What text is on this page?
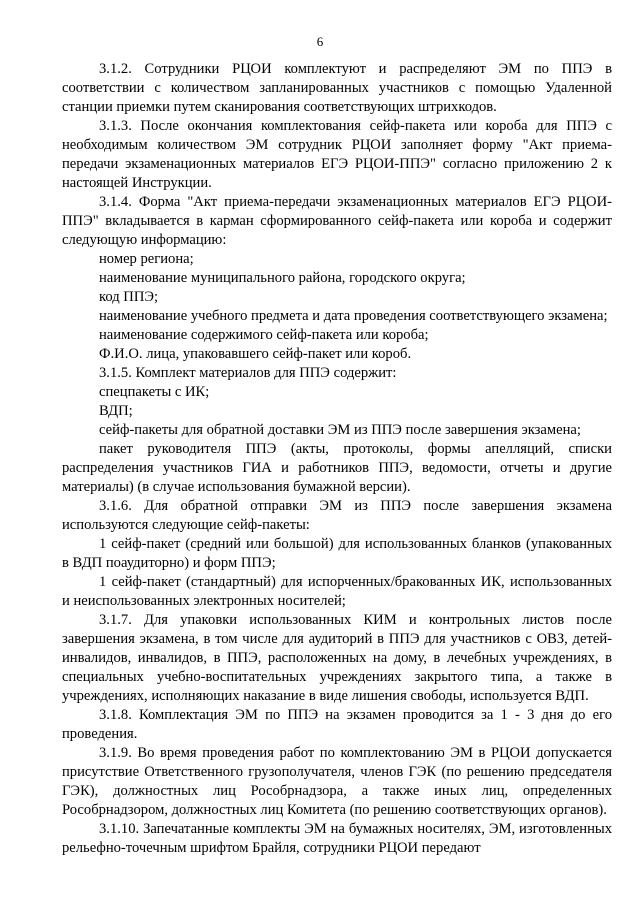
6

3.1.2. Сотрудники РЦОИ комплектуют и распределяют ЭМ по ППЭ в соответствии с количеством запланированных участников с помощью Удаленной станции приемки путем сканирования соответствующих штрихкодов.

3.1.3. После окончания комплектования сейф-пакета или короба для ППЭ с необходимым количеством ЭМ сотрудник РЦОИ заполняет форму "Акт приема-передачи экзаменационных материалов ЕГЭ РЦОИ-ППЭ" согласно приложению 2 к настоящей Инструкции.

3.1.4. Форма "Акт приема-передачи экзаменационных материалов ЕГЭ РЦОИ-ППЭ" вкладывается в карман сформированного сейф-пакета или короба и содержит следующую информацию:

номер региона;

наименование муниципального района, городского округа;

код ППЭ;

наименование учебного предмета и дата проведения соответствующего экзамена;

наименование содержимого сейф-пакета или короба;

Ф.И.О. лица, упаковавшего сейф-пакет или короб.

3.1.5. Комплект материалов для ППЭ содержит:

спецпакеты с ИК;

ВДП;

сейф-пакеты для обратной доставки ЭМ из ППЭ после завершения экзамена;

пакет руководителя ППЭ (акты, протоколы, формы апелляций, списки распределения участников ГИА и работников ППЭ, ведомости, отчеты и другие материалы) (в случае использования бумажной версии).

3.1.6. Для обратной отправки ЭМ из ППЭ после завершения экзамена используются следующие сейф-пакеты:

1 сейф-пакет (средний или большой) для использованных бланков (упакованных в ВДП поаудиторно) и форм ППЭ;

1 сейф-пакет (стандартный) для испорченных/бракованных ИК, использованных и неиспользованных электронных носителей;

3.1.7. Для упаковки использованных КИМ и контрольных листов после завершения экзамена, в том числе для аудиторий в ППЭ для участников с ОВЗ, детей-инвалидов, инвалидов, в ППЭ, расположенных на дому, в лечебных учреждениях, в специальных учебно-воспитательных учреждениях закрытого типа, а также в учреждениях, исполняющих наказание в виде лишения свободы, используется ВДП.

3.1.8. Комплектация ЭМ по ППЭ на экзамен проводится за 1 - 3 дня до его проведения.

3.1.9. Во время проведения работ по комплектованию ЭМ в РЦОИ допускается присутствие Ответственного грузополучателя, членов ГЭК (по решению председателя ГЭК), должностных лиц Рособрнадзора, а также иных лиц, определенных Рособрнадзором, должностных лиц Комитета (по решению соответствующих органов).

3.1.10. Запечатанные комплекты ЭМ на бумажных носителях, ЭМ, изготовленных рельефно-точечным шрифтом Брайля, сотрудники РЦОИ передают
